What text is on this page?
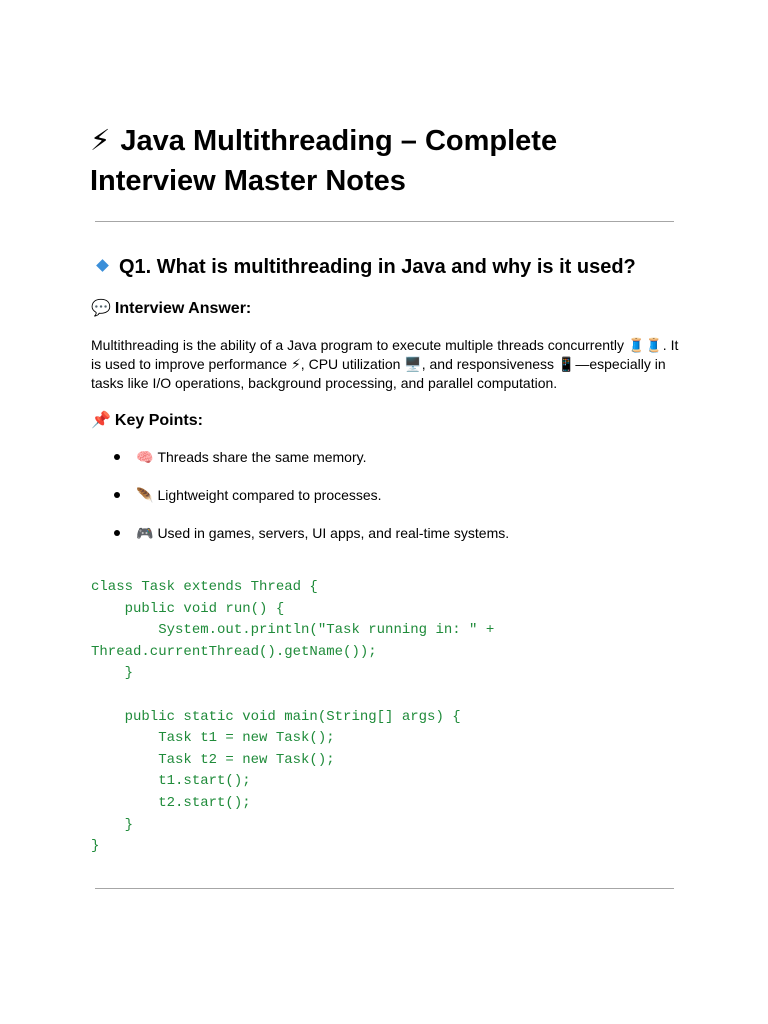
⚡ Java Multithreading – Complete Interview Master Notes
Q1. What is multithreading in Java and why is it used?
💬 Interview Answer:

Multithreading is the ability of a Java program to execute multiple threads concurrently 🧵🧵. It is used to improve performance ⚡, CPU utilization 🖥️, and responsiveness 📱—especially in tasks like I/O operations, background processing, and parallel computation.

📌 Key Points:
🧠 Threads share the same memory.
🪶 Lightweight compared to processes.
🎮 Used in games, servers, UI apps, and real-time systems.
class Task extends Thread {
public void run() {
System.out.println("Task running in: " +
Thread.currentThread().getName());
}

public static void main(String[] args) {
Task t1 = new Task();
Task t2 = new Task();
t1.start();
t2.start();
}
}
